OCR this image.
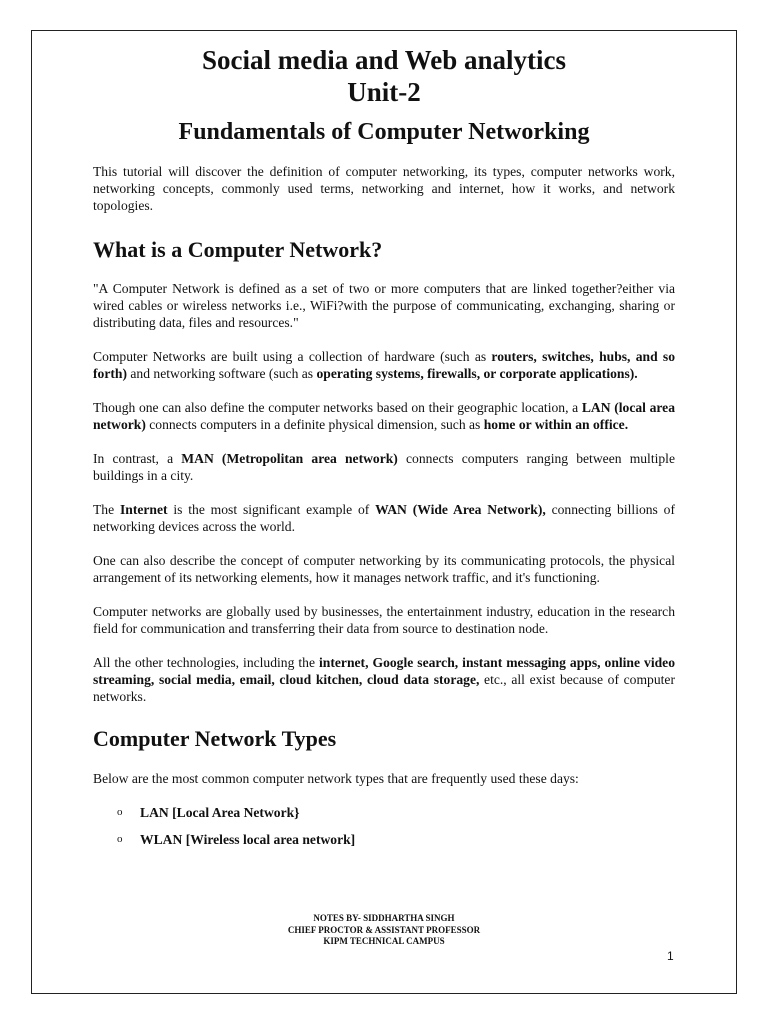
Social media and Web analytics
Unit-2
Fundamentals of Computer Networking

This tutorial will discover the definition of computer networking, its types, computer networks work, networking concepts, commonly used terms, networking and internet, how it works, and network topologies.

What is a Computer Network?

"A Computer Network is defined as a set of two or more computers that are linked together?either via wired cables or wireless networks i.e., WiFi?with the purpose of communicating, exchanging, sharing or distributing data, files and resources."

Computer Networks are built using a collection of hardware (such as routers, switches, hubs, and so forth) and networking software (such as operating systems, firewalls, or corporate applications).

Though one can also define the computer networks based on their geographic location, a LAN (local area network) connects computers in a definite physical dimension, such as home or within an office.

In contrast, a MAN (Metropolitan area network) connects computers ranging between multiple buildings in a city.

The Internet is the most significant example of WAN (Wide Area Network), connecting billions of networking devices across the world.

One can also describe the concept of computer networking by its communicating protocols, the physical arrangement of its networking elements, how it manages network traffic, and it's functioning.

Computer networks are globally used by businesses, the entertainment industry, education in the research field for communication and transferring their data from source to destination node.

All the other technologies, including the internet, Google search, instant messaging apps, online video streaming, social media, email, cloud kitchen, cloud data storage, etc., all exist because of computer networks.

Computer Network Types

Below are the most common computer network types that are frequently used these days:

o LAN [Local Area Network}
o WLAN [Wireless local area network]
NOTES BY- SIDDHARTHA SINGH
CHIEF PROCTOR & ASSISTANT PROFESSOR
KIPM TECHNICAL CAMPUS
1
